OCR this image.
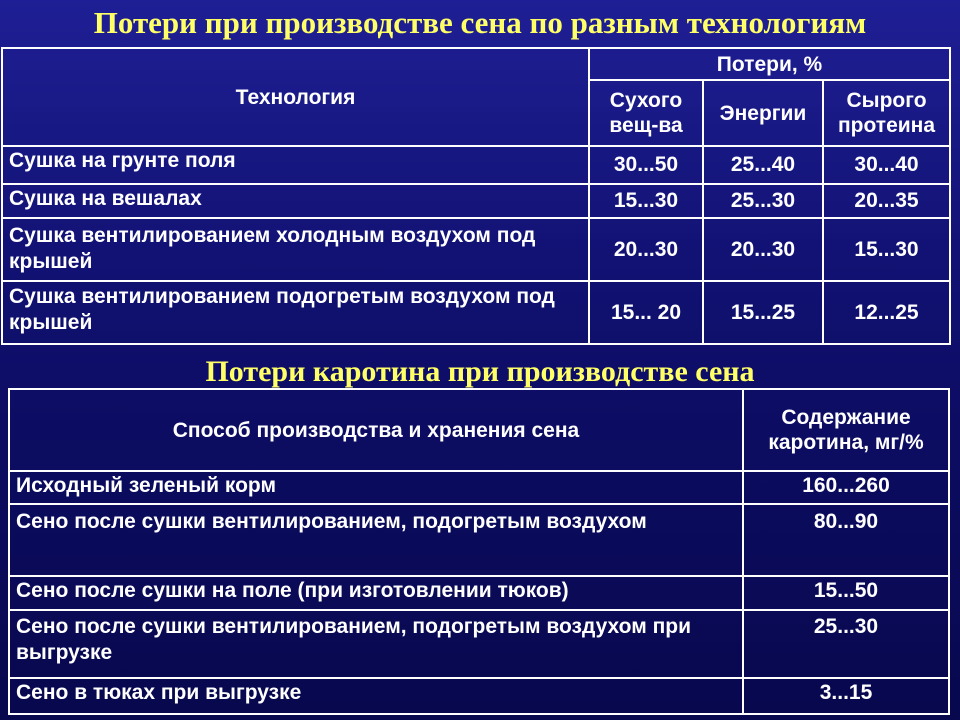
Потери при производстве сена по разным технологиям
Технология	Потери, %		
	Сухого вещ-ва	Энергии	Сырого протеина
Сушка на грунте поля	30...50	25...40	30...40
Сушка на вешалах	15...30	25...30	20...35
Сушка вентилированием холодным воздухом под крышей	20...30	20...30	15...30
Сушка вентилированием подогретым воздухом под крышей	15... 20	15...25	12...25
Потери каротина при производстве сена
Способ производства и хранения сена	Содержание каротина, мг/%
Исходный зеленый корм	160...260
Сено после сушки вентилированием, подогретым воздухом	80...90
Сено после сушки на поле (при изготовлении тюков)	15...50
Сено после сушки вентилированием, подогретым воздухом при выгрузке	25...30
Сено в тюках при выгрузке	3...15
